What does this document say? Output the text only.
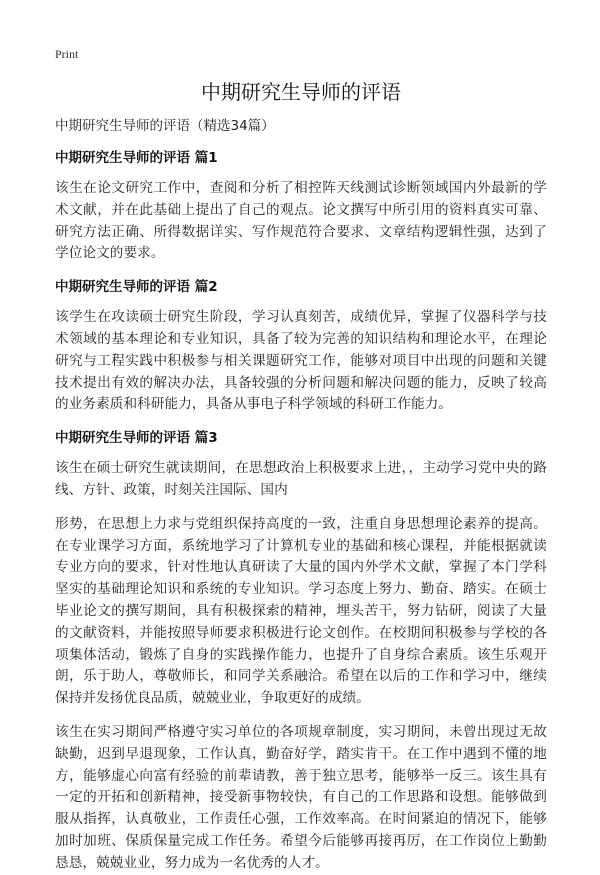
Print
中期研究生导师的评语
中期研究生导师的评语（精选34篇）
中期研究生导师的评语 篇1

该生在论文研究工作中，查阅和分析了相控阵天线测试诊断领域国内外最新的学术文献，并在此基础上提出了自己的观点。论文撰写中所引用的资料真实可靠、研究方法正确、所得数据详实、写作规范符合要求、文章结构逻辑性强，达到了学位论文的要求。

中期研究生导师的评语 篇2

该学生在攻读硕士研究生阶段，学习认真刻苦，成绩优异，掌握了仪器科学与技术领域的基本理论和专业知识，具备了较为完善的知识结构和理论水平，在理论研究与工程实践中积极参与相关课题研究工作，能够对项目中出现的问题和关键技术提出有效的解决办法，具备较强的分析问题和解决问题的能力，反映了较高的业务素质和科研能力，具备从事电子科学领域的科研工作能力。

中期研究生导师的评语 篇3

该生在硕士研究生就读期间，在思想政治上积极要求上进，，主动学习党中央的路线、方针、政策，时刻关注国际、国内

形势，在思想上力求与党组织保持高度的一致，注重自身思想理论素养的提高。在专业课学习方面，系统地学习了计算机专业的基础和核心课程，并能根据就读专业方向的要求，针对性地认真研读了大量的国内外学术文献，掌握了本门学科坚实的基础理论知识和系统的专业知识。学习态度上努力、勤奋、踏实。在硕士毕业论文的撰写期间，具有积极探索的精神，埋头苦干，努力钻研，阅读了大量的文献资料，并能按照导师要求积极进行论文创作。在校期间积极参与学校的各项集体活动，锻炼了自身的实践操作能力，也提升了自身综合素质。该生乐观开朗，乐于助人，尊敬师长，和同学关系融洽。希望在以后的工作和学习中，继续保持并发扬优良品质，兢兢业业，争取更好的成绩。

该生在实习期间严格遵守实习单位的各项规章制度，实习期间，未曾出现过无故缺勤，迟到早退现象，工作认真，勤奋好学，踏实肯干。在工作中遇到不懂的地方，能够虚心向富有经验的前辈请教，善于独立思考，能够举一反三。该生具有一定的开拓和创新精神，接受新事物较快，有自己的工作思路和设想。能够做到服从指挥，认真敬业，工作责任心强，工作效率高。在时间紧迫的情况下，能够加时加班、保质保量完成工作任务。希望今后能够再接再厉，在工作岗位上勤勤恳恳，兢兢业业，努力成为一名优秀的人才。
